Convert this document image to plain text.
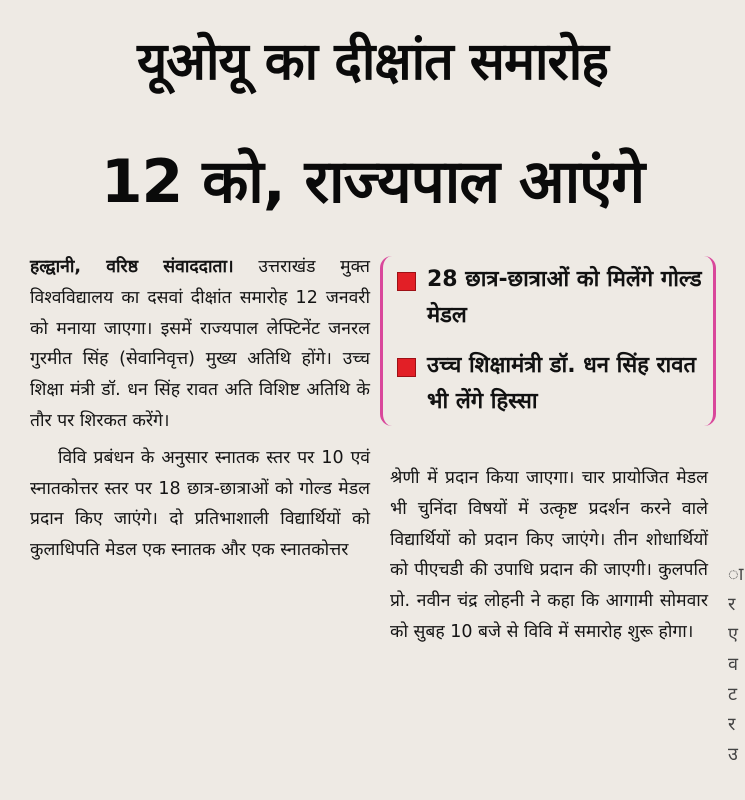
यूओयू का दीक्षांत समारोह
12 को, राज्यपाल आएंगे

हल्द्वानी, वरिष्ठ संवाददाता। उत्तराखंड मुक्त विश्वविद्यालय का दसवां दीक्षांत समारोह 12 जनवरी को मनाया जाएगा। इसमें राज्यपाल लेफ्टिनेंट जनरल गुरमीत सिंह (सेवानिवृत्त) मुख्य अतिथि होंगे। उच्च शिक्षा मंत्री डॉ. धन सिंह रावत अति विशिष्ट अतिथि के तौर पर शिरकत करेंगे।

विवि प्रबंधन के अनुसार स्नातक स्तर पर 10 एवं स्नातकोत्तर स्तर पर 18 छात्र-छात्राओं को गोल्ड मेडल प्रदान किए जाएंगे। दो प्रतिभाशाली विद्यार्थियों को कुलाधिपति मेडल एक स्नातक और एक स्नातकोत्तर

28 छात्र-छात्राओं को मिलेंगे गोल्ड मेडल
उच्च शिक्षामंत्री डॉ. धन सिंह रावत भी लेंगे हिस्सा

श्रेणी में प्रदान किया जाएगा। चार प्रायोजित मेडल भी चुनिंदा विषयों में उत्कृष्ट प्रदर्शन करने वाले विद्यार्थियों को प्रदान किए जाएंगे। तीन शोधार्थियों को पीएचडी की उपाधि प्रदान की जाएगी। कुलपति प्रो. नवीन चंद्र लोहनी ने कहा कि आगामी सोमवार को सुबह 10 बजे से विवि में समारोह शुरू होगा।

ा
र
ए
व
ट
र
उ
